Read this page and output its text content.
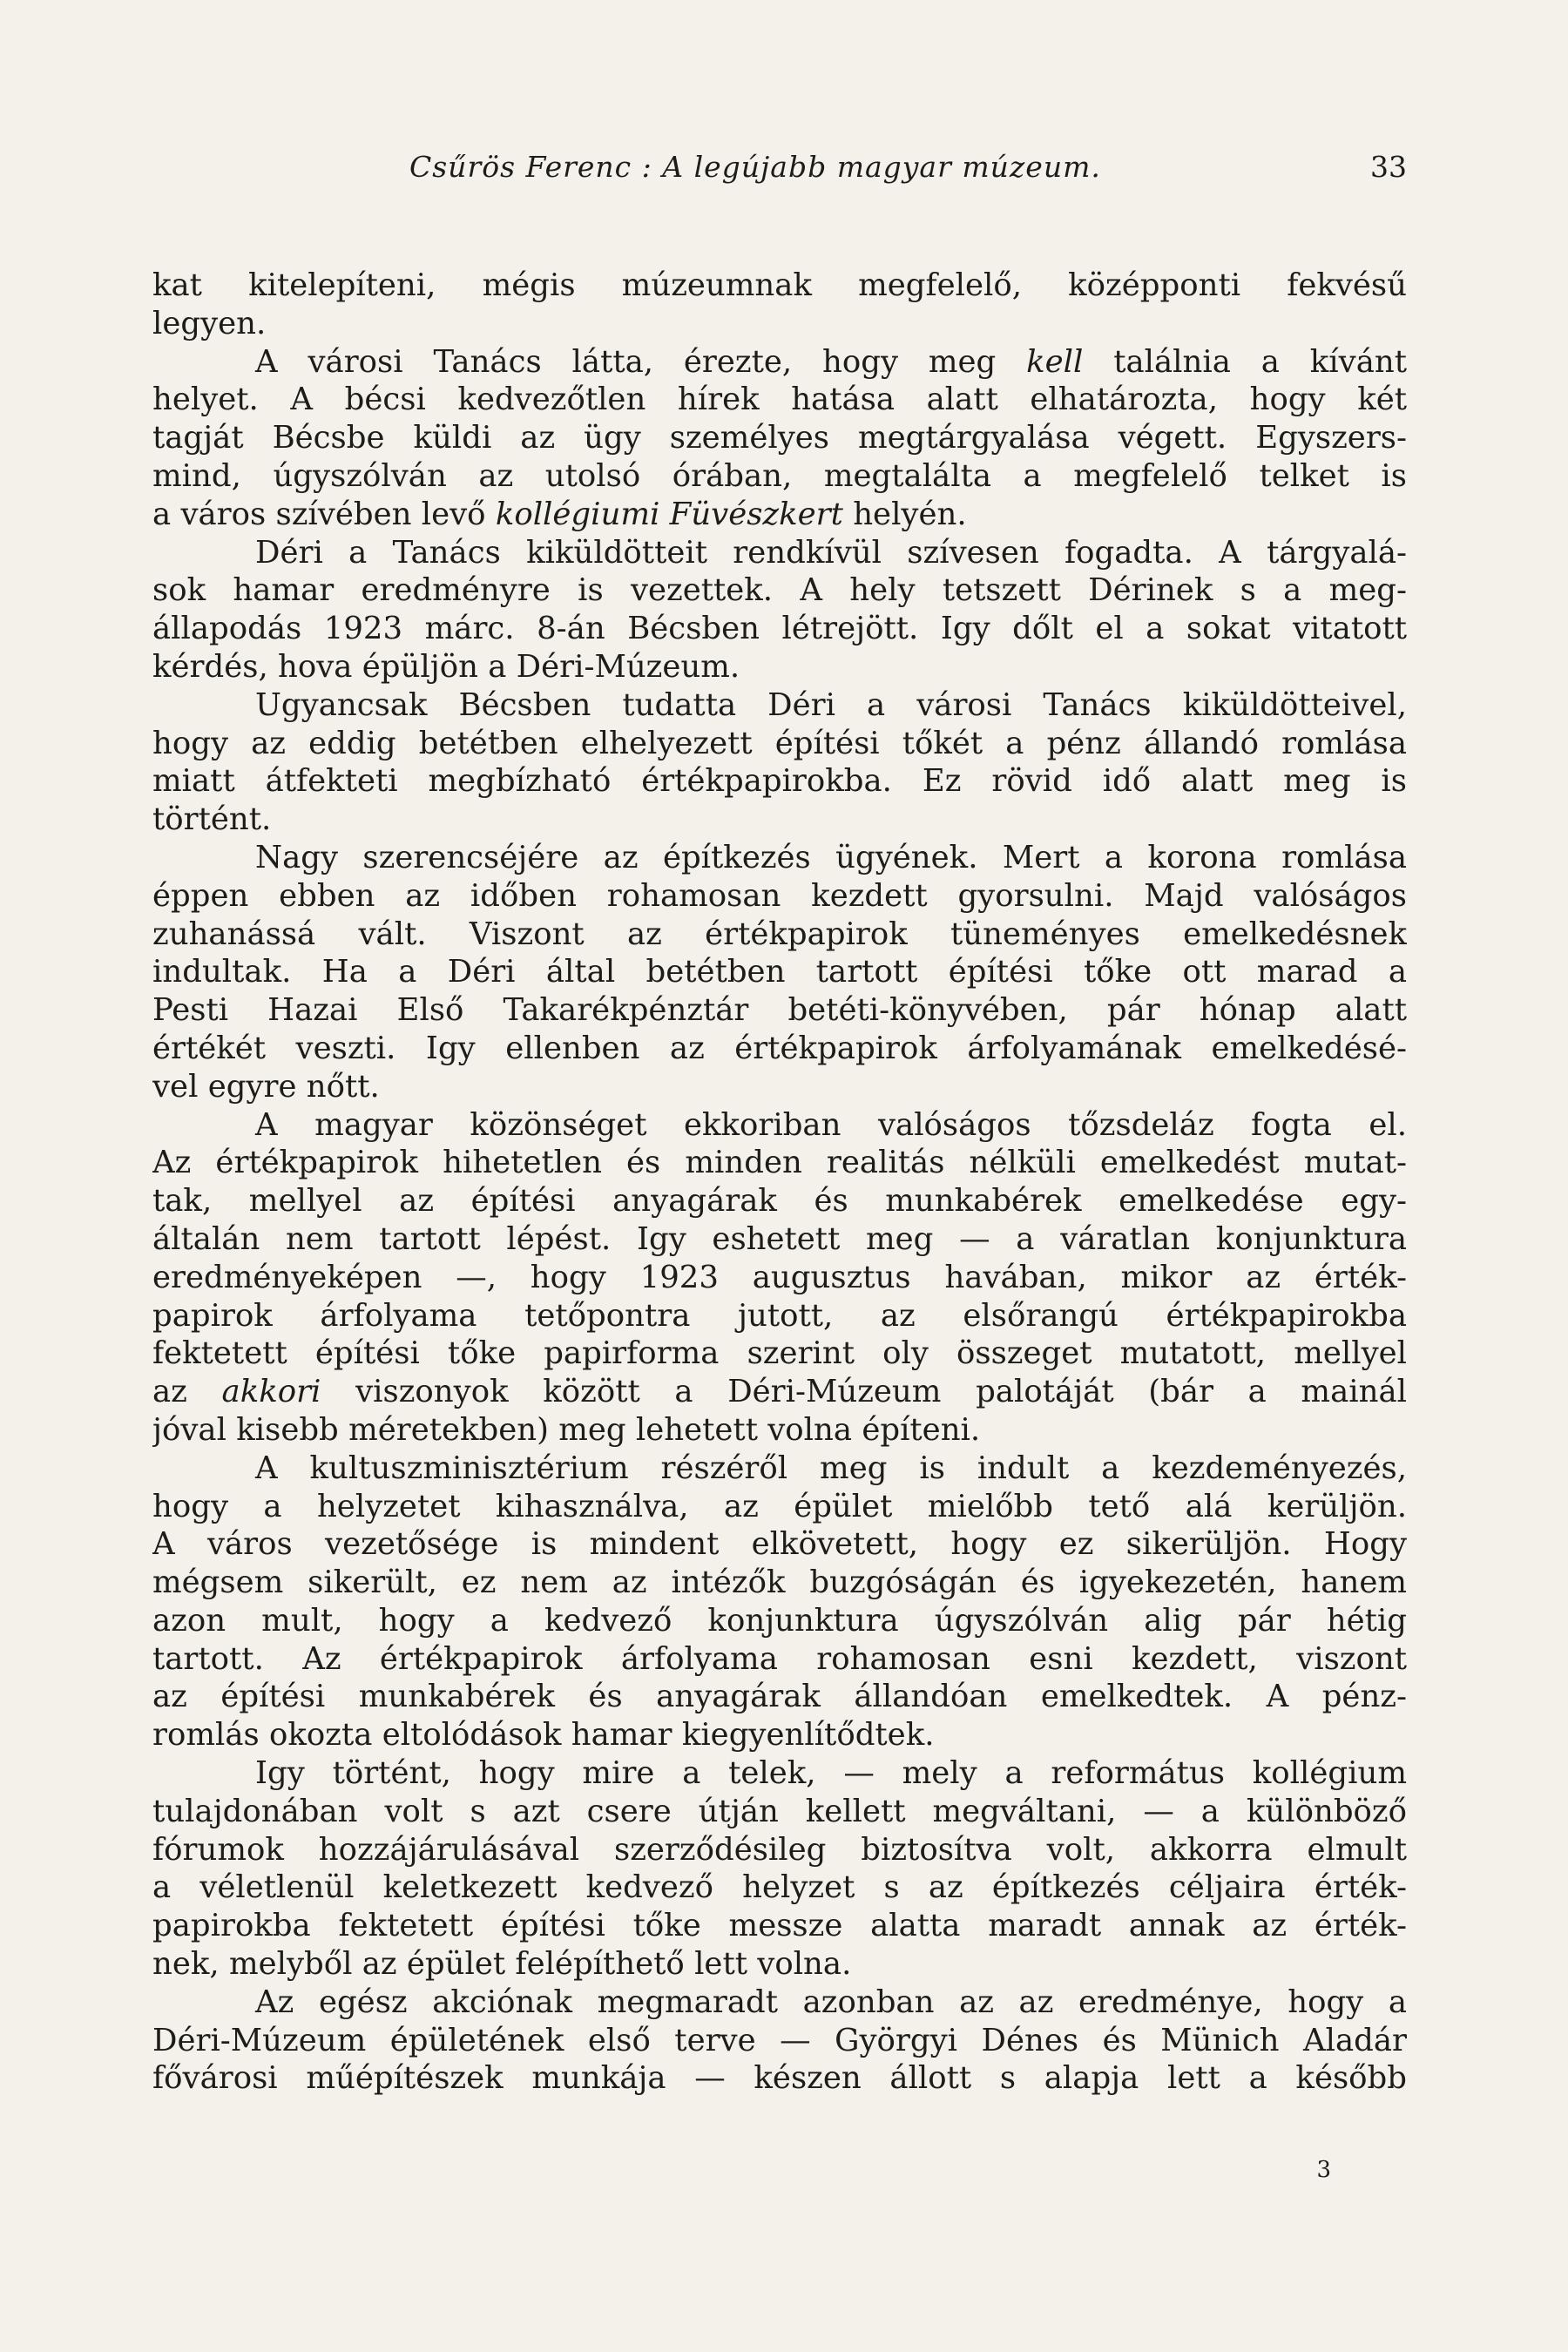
Csűrös Ferenc : A legújabb magyar múzeum.	33
kat kitelepíteni, mégis múzeumnak megfelelő, középponti fekvésű
legyen.
A városi Tanács látta, érezte, hogy meg kell találnia a kívánt
helyet. A bécsi kedvezőtlen hírek hatása alatt elhatározta, hogy két
tagját Bécsbe küldi az ügy személyes megtárgyalása végett. Egyszers-
mind, úgyszólván az utolsó órában, megtalálta a megfelelő telket is
a város szívében levő kollégiumi Füvészkert helyén.
Déri a Tanács kiküldötteit rendkívül szívesen fogadta. A tárgyalá-
sok hamar eredményre is vezettek. A hely tetszett Dérinek s a meg-
állapodás 1923 márc. 8-án Bécsben létrejött. Igy dőlt el a sokat vitatott
kérdés, hova épüljön a Déri-Múzeum.
Ugyancsak Bécsben tudatta Déri a városi Tanács kiküldötteivel,
hogy az eddig betétben elhelyezett építési tőkét a pénz állandó romlása
miatt átfekteti megbízható értékpapirokba. Ez rövid idő alatt meg is
történt.
Nagy szerencséjére az építkezés ügyének. Mert a korona romlása
éppen ebben az időben rohamosan kezdett gyorsulni. Majd valóságos
zuhanássá vált. Viszont az értékpapirok tüneményes emelkedésnek
indultak. Ha a Déri által betétben tartott építési tőke ott marad a
Pesti Hazai Első Takarékpénztár betéti-könyvében, pár hónap alatt
értékét veszti. Igy ellenben az értékpapirok árfolyamának emelkedésé-
vel egyre nőtt.
A magyar közönséget ekkoriban valóságos tőzsdeláz fogta el.
Az értékpapirok hihetetlen és minden realitás nélküli emelkedést mutat-
tak, mellyel az építési anyagárak és munkabérek emelkedése egy-
általán nem tartott lépést. Igy eshetett meg — a váratlan konjunktura
eredményeképen —, hogy 1923 augusztus havában, mikor az érték-
papirok árfolyama tetőpontra jutott, az elsőrangú értékpapirokba
fektetett építési tőke papirforma szerint oly összeget mutatott, mellyel
az akkori viszonyok között a Déri-Múzeum palotáját (bár a mainál
jóval kisebb méretekben) meg lehetett volna építeni.
A kultuszminisztérium részéről meg is indult a kezdeményezés,
hogy a helyzetet kihasználva, az épület mielőbb tető alá kerüljön.
A város vezetősége is mindent elkövetett, hogy ez sikerüljön. Hogy
mégsem sikerült, ez nem az intézők buzgóságán és igyekezetén, hanem
azon mult, hogy a kedvező konjunktura úgyszólván alig pár hétig
tartott. Az értékpapirok árfolyama rohamosan esni kezdett, viszont
az építési munkabérek és anyagárak állandóan emelkedtek. A pénz-
romlás okozta eltolódások hamar kiegyenlítődtek.
Igy történt, hogy mire a telek, — mely a református kollégium
tulajdonában volt s azt csere útján kellett megváltani, — a különböző
fórumok hozzájárulásával szerződésileg biztosítva volt, akkorra elmult
a véletlenül keletkezett kedvező helyzet s az építkezés céljaira érték-
papirokba fektetett építési tőke messze alatta maradt annak az érték-
nek, melyből az épület felépíthető lett volna.
Az egész akciónak megmaradt azonban az az eredménye, hogy a
Déri-Múzeum épületének első terve — Györgyi Dénes és Münich Aladár
fővárosi műépítészek munkája — készen állott s alapja lett a később
3
